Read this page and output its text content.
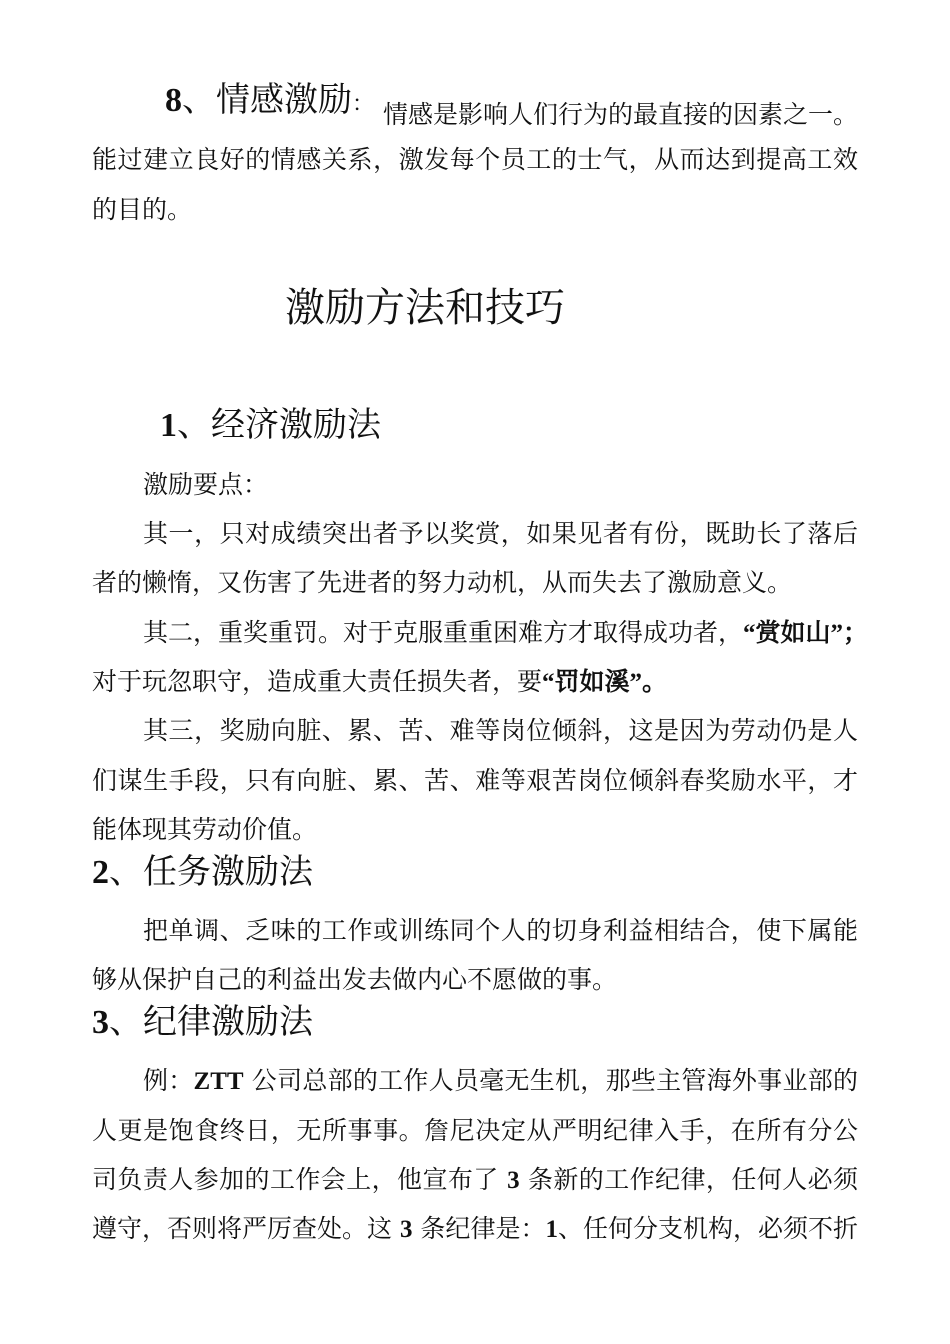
8、情感激励： 情感是影响人们行为的最直接的因素之一。
能过建立良好的情感关系，激发每个员工的士气，从而达到提高工效
的目的。
激励方法和技巧
1、经济激励法
激励要点：
其一，只对成绩突出者予以奖赏，如果见者有份，既助长了落后
者的懒惰，又伤害了先进者的努力动机，从而失去了激励意义。
其二，重奖重罚。对于克服重重困难方才取得成功者，“赏如山”；
对于玩忽职守，造成重大责任损失者，要“罚如溪”。
其三，奖励向脏、累、苦、难等岗位倾斜，这是因为劳动仍是人
们谋生手段，只有向脏、累、苦、难等艰苦岗位倾斜春奖励水平，才
能体现其劳动价值。
2、任务激励法
把单调、乏味的工作或训练同个人的切身利益相结合，使下属能
够从保护自己的利益出发去做内心不愿做的事。
3、纪律激励法
例：ZTT 公司总部的工作人员毫无生机，那些主管海外事业部的
人更是饱食终日，无所事事。詹尼决定从严明纪律入手，在所有分公
司负责人参加的工作会上，他宣布了 3 条新的工作纪律，任何人必须
遵守，否则将严厉查处。这 3 条纪律是：1、任何分支机构，必须不折
